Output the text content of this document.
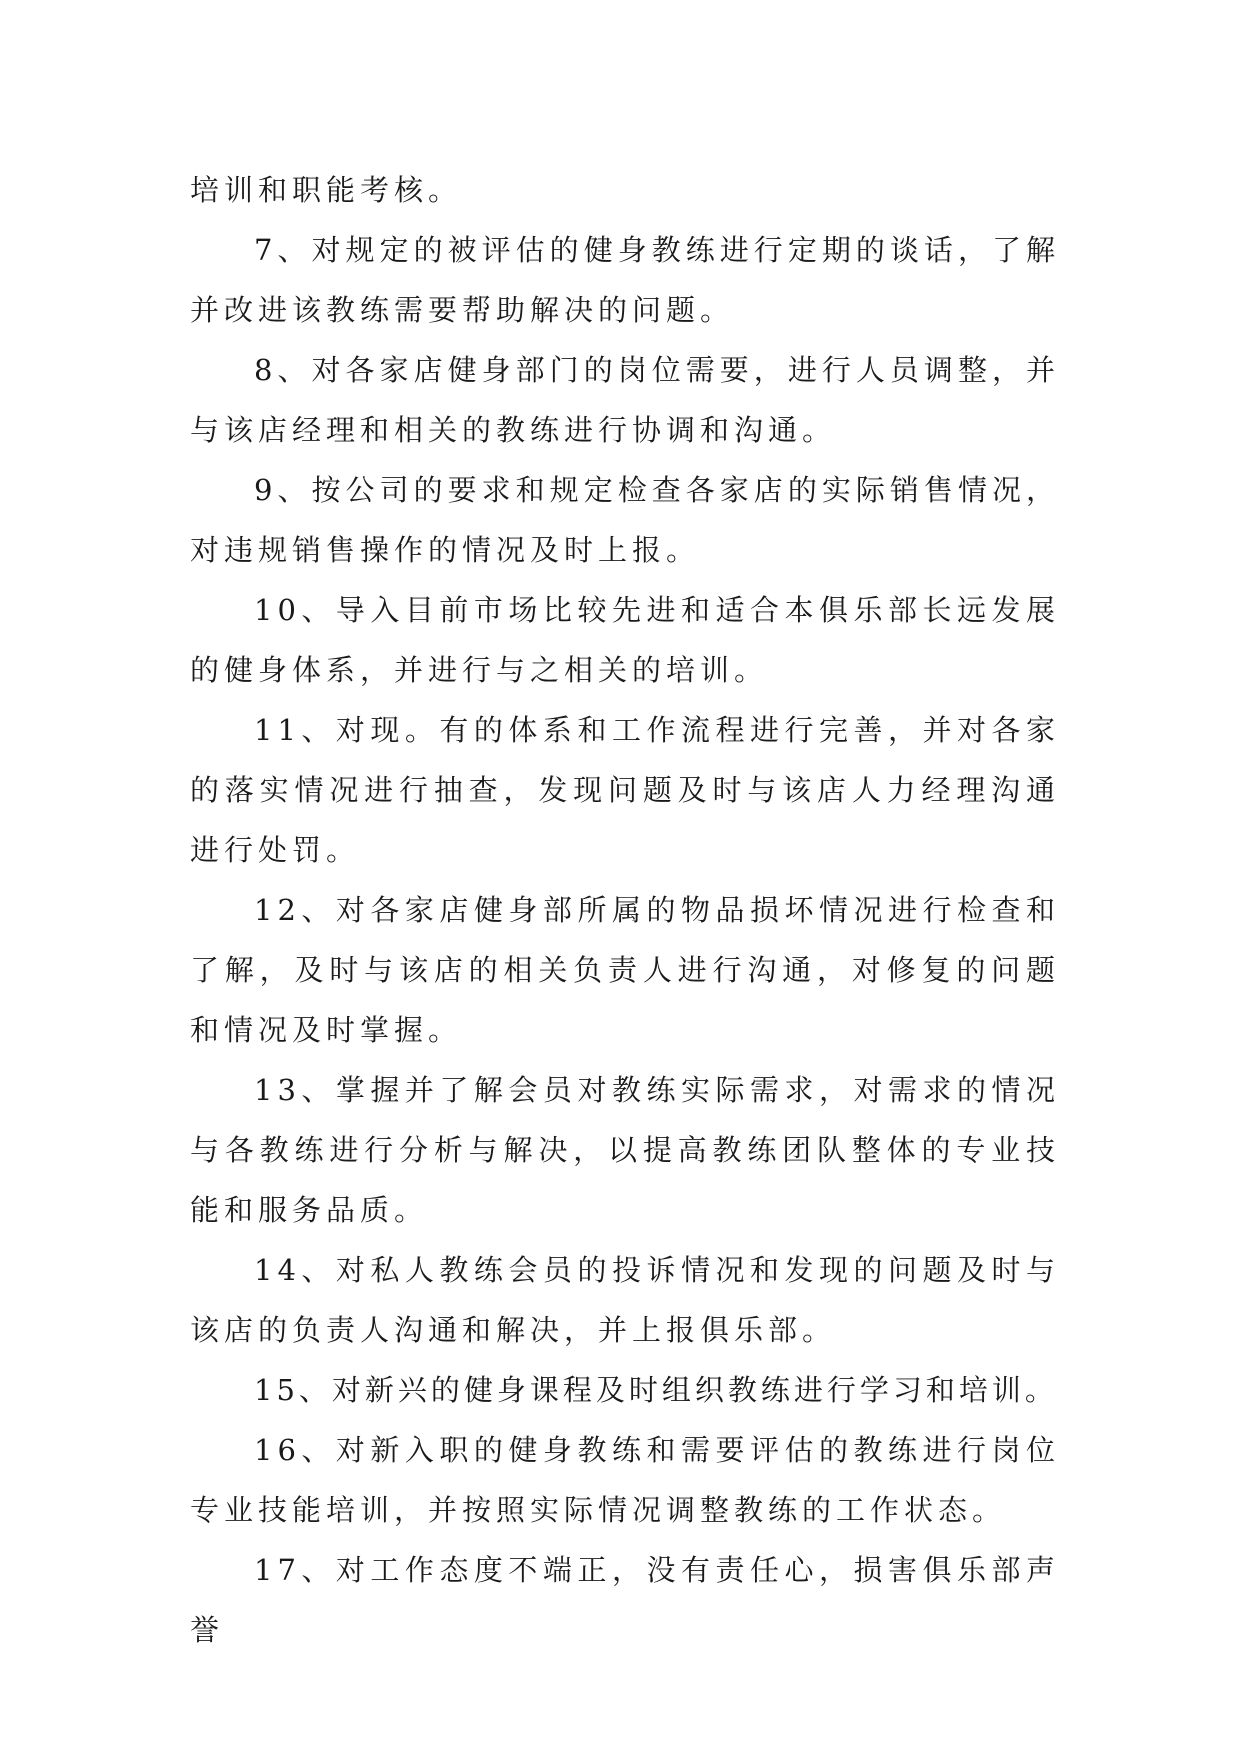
培训和职能考核。

7、对规定的被评估的健身教练进行定期的谈话，了解并改进该教练需要帮助解决的问题。

8、对各家店健身部门的岗位需要，进行人员调整，并与该店经理和相关的教练进行协调和沟通。

9、按公司的要求和规定检查各家店的实际销售情况，对违规销售操作的情况及时上报。

10、导入目前市场比较先进和适合本俱乐部长远发展的健身体系，并进行与之相关的培训。

11、对现。有的体系和工作流程进行完善，并对各家的落实情况进行抽查，发现问题及时与该店人力经理沟通进行处罚。

12、对各家店健身部所属的物品损坏情况进行检查和了解，及时与该店的相关负责人进行沟通，对修复的问题和情况及时掌握。

13、掌握并了解会员对教练实际需求，对需求的情况与各教练进行分析与解决，以提高教练团队整体的专业技能和服务品质。

14、对私人教练会员的投诉情况和发现的问题及时与该店的负责人沟通和解决，并上报俱乐部。

15、对新兴的健身课程及时组织教练进行学习和培训。

16、对新入职的健身教练和需要评估的教练进行岗位专业技能培训，并按照实际情况调整教练的工作状态。

17、对工作态度不端正，没有责任心，损害俱乐部声誉
